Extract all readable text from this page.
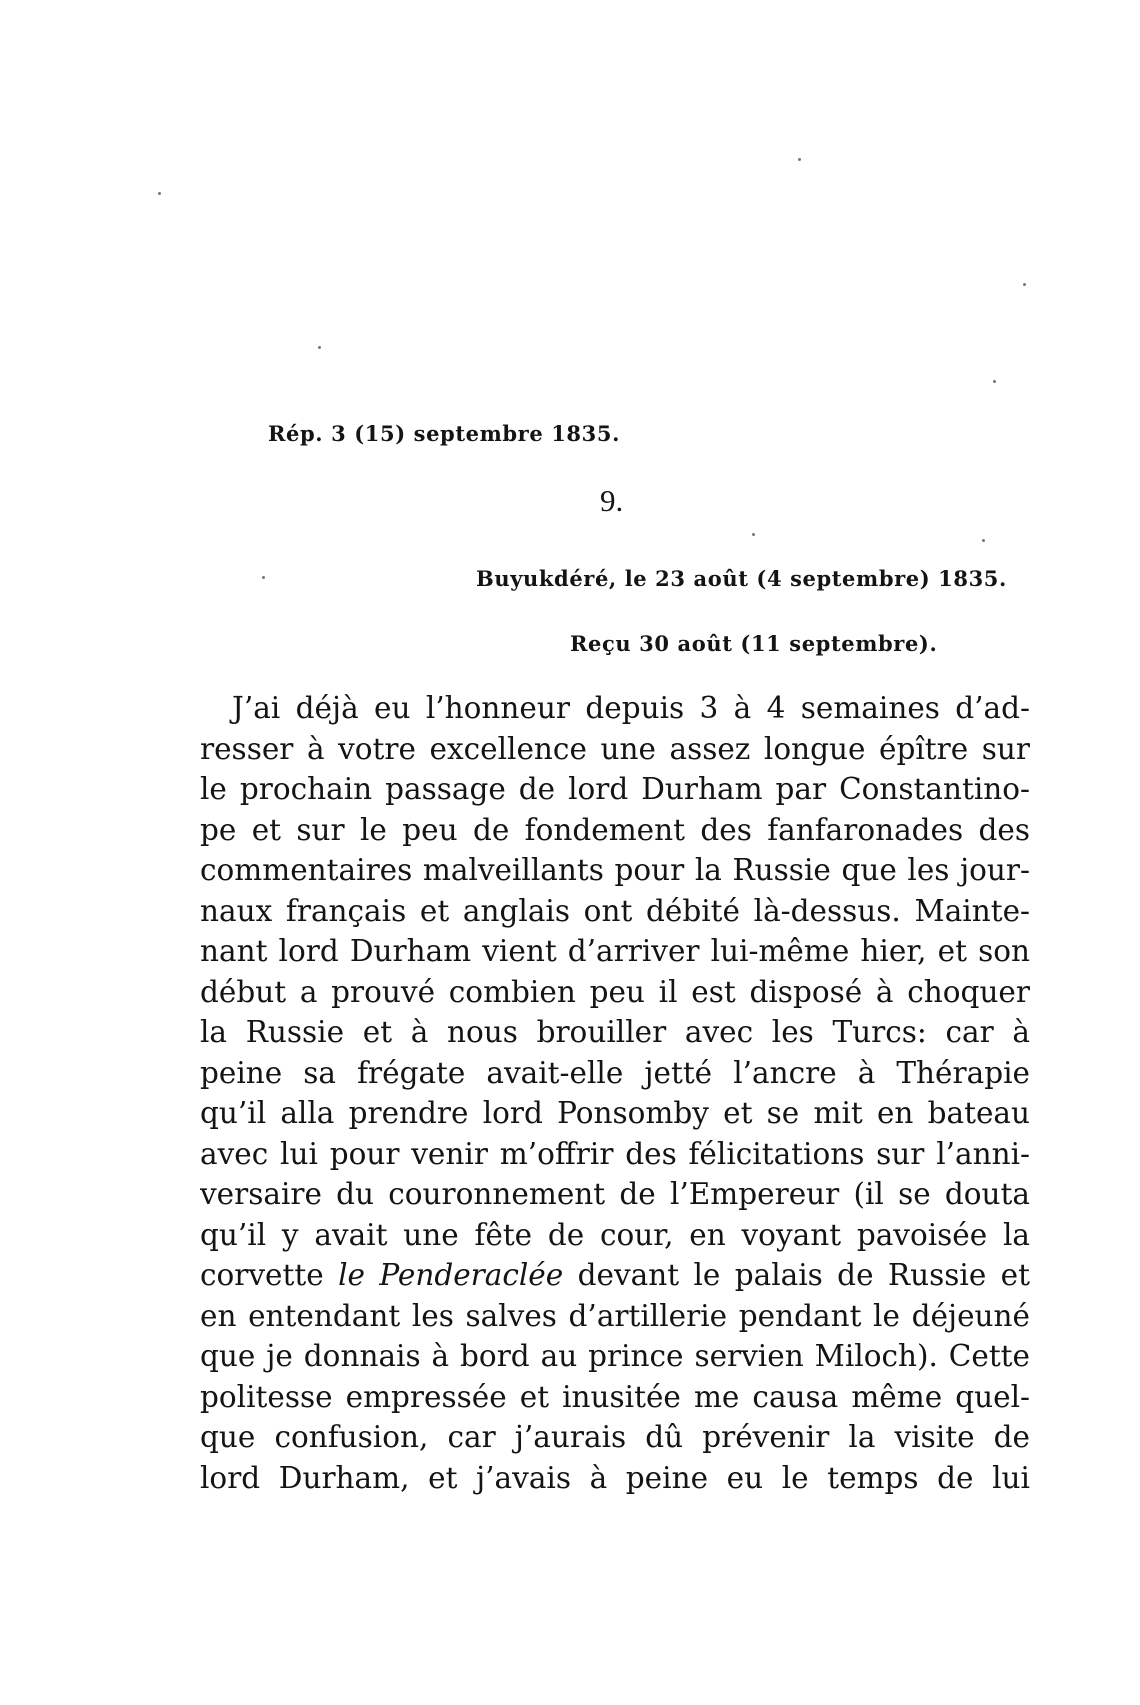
Rép. 3 (15) septembre 1835.
9.
Buyukdéré, le 23 août (4 septembre) 1835.
Reçu 30 août (11 septembre).
J’ai déjà eu l’honneur depuis 3 à 4 semaines d’ad-
resser à votre excellence une assez longue épître sur
le prochain passage de lord Durham par Constantino-
pe et sur le peu de fondement des fanfaronades des
commentaires malveillants pour la Russie que les jour-
naux français et anglais ont débité là-dessus. Mainte-
nant lord Durham vient d’arriver lui-même hier, et son
début a prouvé combien peu il est disposé à choquer
la Russie et à nous brouiller avec les Turcs: car à
peine sa frégate avait-elle jetté l’ancre à Thérapie
qu’il alla prendre lord Ponsomby et se mit en bateau
avec lui pour venir m’offrir des félicitations sur l’anni-
versaire du couronnement de l’Empereur (il se douta
qu’il y avait une fête de cour, en voyant pavoisée la
corvette le Penderaclée devant le palais de Russie et
en entendant les salves d’artillerie pendant le déjeuné
que je donnais à bord au prince servien Miloch). Cette
politesse empressée et inusitée me causa même quel-
que confusion, car j’aurais dû prévenir la visite de
lord Durham, et j’avais à peine eu le temps de lui
